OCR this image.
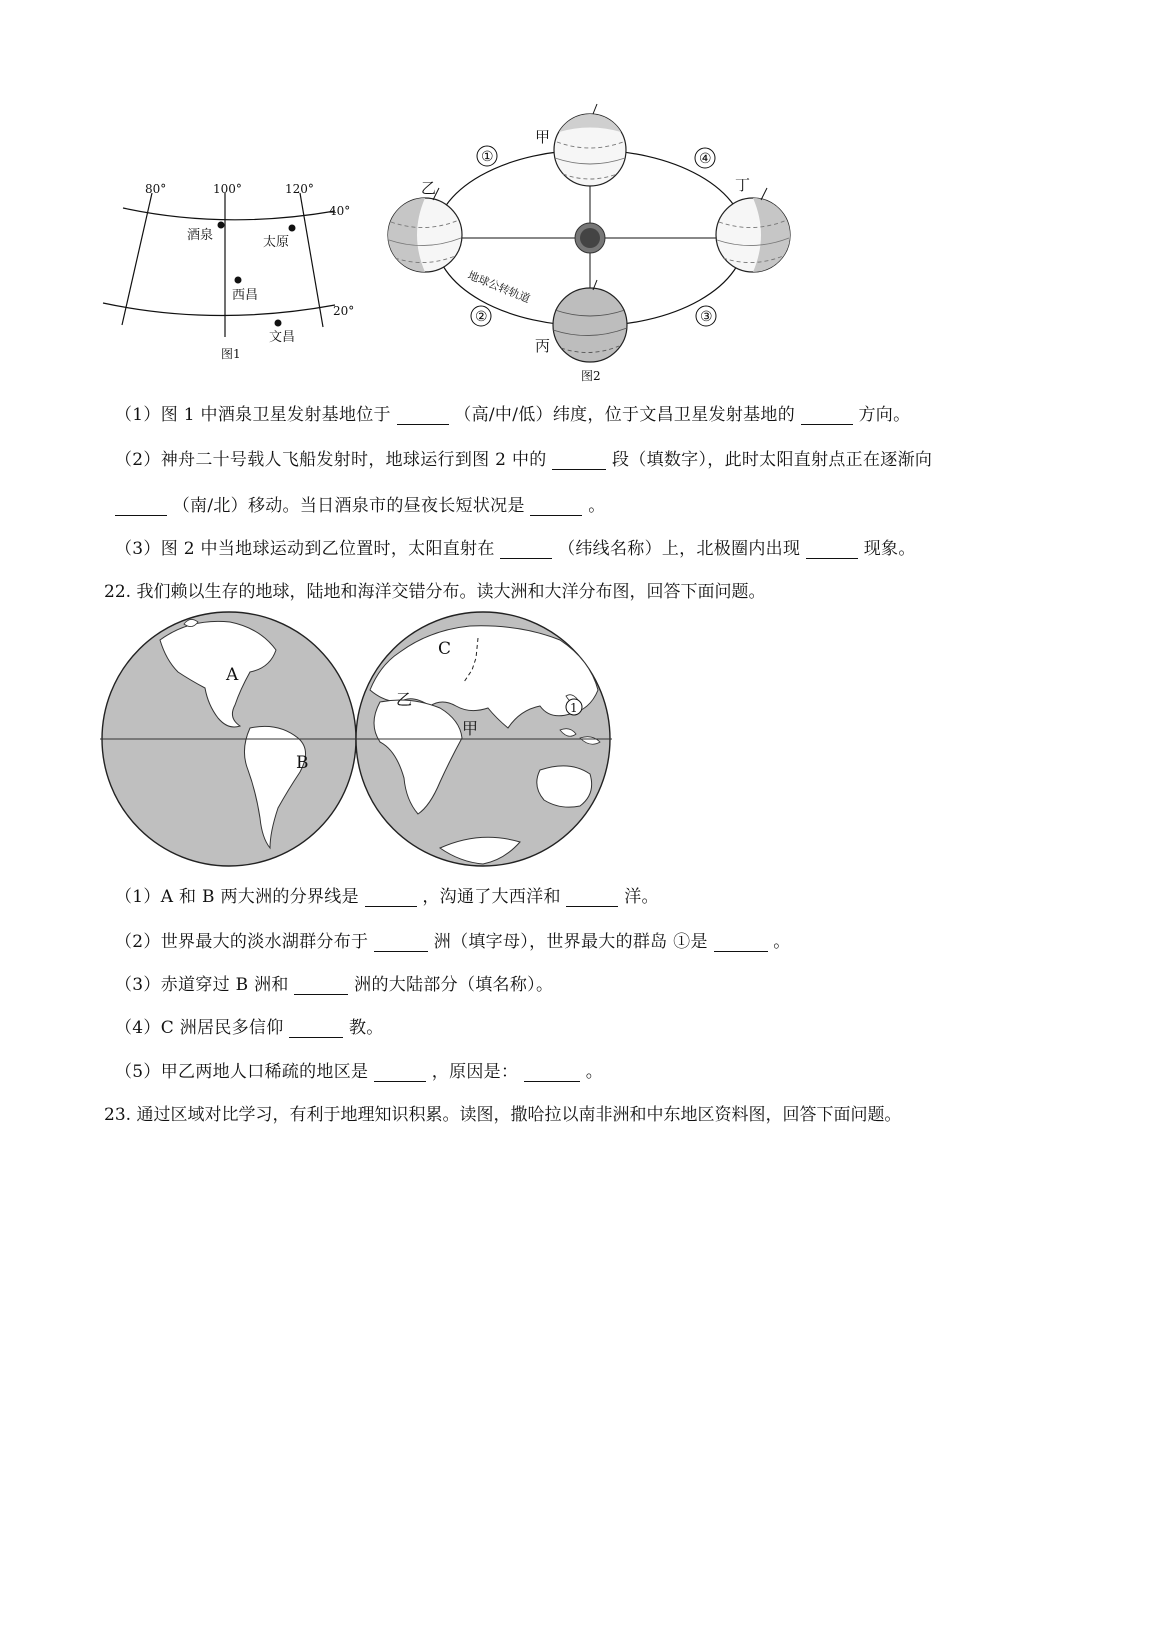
80°	100°	120°
40°
20°
酒泉	太原
西昌
文昌
图1
甲
乙
丙
丁
①
②	③
④
地球公转轨道
图2
（1）图 1 中酒泉卫星发射基地位于	（高/中/低）纬度，位于文昌卫星发射基地的	方向。
（2）神舟二十号载人飞船发射时，地球运行到图 2 中的	段（填数字），此时太阳直射点正在逐渐向
（南/北）移动。当日酒泉市的昼夜长短状况是	。
（3）图 2 中当地球运动到乙位置时，太阳直射在	（纬线名称）上，北极圈内出现	现象。
22. 我们赖以生存的地球，陆地和海洋交错分布。读大洲和大洋分布图，回答下面问题。
A
B
C
乙
甲
1
（1）A 和 B 两大洲的分界线是	，沟通了大西洋和	洋。
（2）世界最大的淡水湖群分布于	洲（填字母），世界最大的群岛 ①是	。
（3）赤道穿过 B 洲和	洲的大陆部分（填名称）。
（4）C 洲居民多信仰	教。
（5）甲乙两地人口稀疏的地区是	，原因是：	。
23. 通过区域对比学习，有利于地理知识积累。读图，撒哈拉以南非洲和中东地区资料图，回答下面问题。
